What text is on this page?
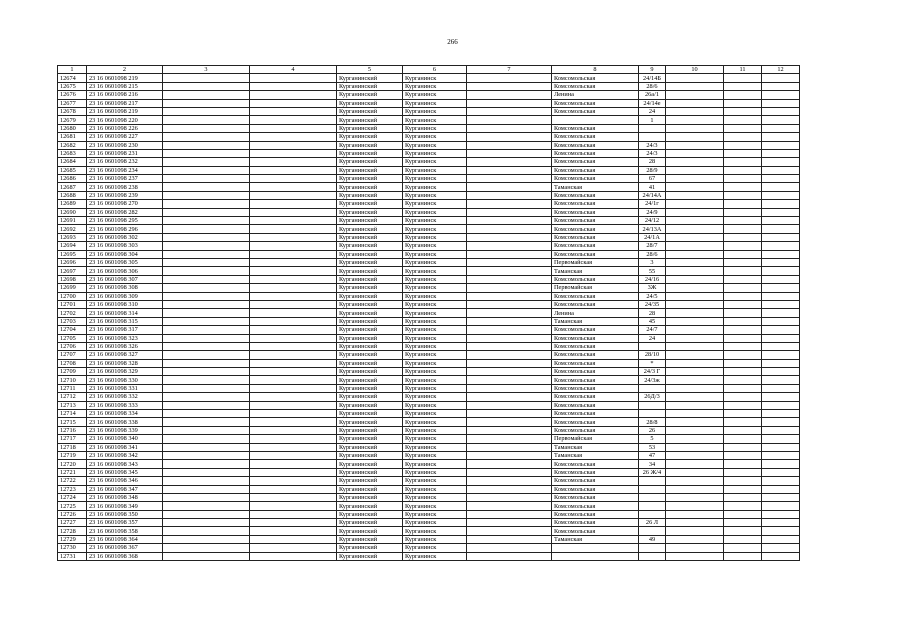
266
1	2	3	4	5	6	7	8	9	10	11	12
12674	23 16 0601098 219			Курганинский	Курганинск		Комсомольская	24/14Б			
12675	23 16 0601098 215			Курганинский	Курганинск		Комсомольская	28/6			
12676	23 16 0601098 216			Курганинский	Курганинск		Ленина	26а/1			
12677	23 16 0601098 217			Курганинский	Курганинск		Комсомольская	24/14е			
12678	23 16 0601098 219			Курганинский	Курганинск		Комсомольская	24			
12679	23 16 0601098 220			Курганинский	Курганинск			1			
12680	23 16 0601098 226			Курганинский	Курганинск		Комсомольская				
12681	23 16 0601098 227			Курганинский	Курганинск		Комсомольская				
12682	23 16 0601098 230			Курганинский	Курганинск		Комсомольская	24/3			
12683	23 16 0601098 231			Курганинский	Курганинск		Комсомольская	24/3			
12684	23 16 0601098 232			Курганинский	Курганинск		Комсомольская	28			
12685	23 16 0601098 234			Курганинский	Курганинск		Комсомольская	28/9			
12686	23 16 0601098 237			Курганинский	Курганинск		Комсомольская	67			
12687	23 16 0601098 238			Курганинский	Курганинск		Таманская	41			
12688	23 16 0601098 239			Курганинский	Курганинск		Комсомольская	24/14А			
12689	23 16 0601098 270			Курганинский	Курганинск		Комсомольская	24/1г			
12690	23 16 0601098 282			Курганинский	Курганинск		Комсомольская	24/9			
12691	23 16 0601098 295			Курганинский	Курганинск		Комсомольская	24/12			
12692	23 16 0601098 296			Курганинский	Курганинск		Комсомольская	24/13А			
12693	23 16 0601098 302			Курганинский	Курганинск		Комсомольская	24/1А			
12694	23 16 0601098 303			Курганинский	Курганинск		Комсомольская	28/7			
12695	23 16 0601098 304			Курганинский	Курганинск		Комсомольская	28/6			
12696	23 16 0601098 305			Курганинский	Курганинск		Первомайская	3			
12697	23 16 0601098 306			Курганинский	Курганинск		Таманская	55			
12698	23 16 0601098 307			Курганинский	Курганинск		Комсомольская	24/16			
12699	23 16 0601098 308			Курганинский	Курганинск		Первомайская	3Ж			
12700	23 16 0601098 309			Курганинский	Курганинск		Комсомольская	24/5			
12701	23 16 0601098 310			Курганинский	Курганинск		Комсомольская	24/35			
12702	23 16 0601098 314			Курганинский	Курганинск		Ленина	28			
12703	23 16 0601098 315			Курганинский	Курганинск		Таманская	45			
12704	23 16 0601098 317			Курганинский	Курганинск		Комсомольская	24/7			
12705	23 16 0601098 323			Курганинский	Курганинск		Комсомольская	24			
12706	23 16 0601098 326			Курганинский	Курганинск		Комсомольская				
12707	23 16 0601098 327			Курганинский	Курганинск		Комсомольская	28/10			
12708	23 16 0601098 328			Курганинский	Курганинск		Комсомольская	*			
12709	23 16 0601098 329			Курганинский	Курганинск		Комсомольская	24/3 Г			
12710	23 16 0601098 330			Курганинский	Курганинск		Комсомольская	24/3ж			
12711	23 16 0601098 331			Курганинский	Курганинск		Комсомольская				
12712	23 16 0601098 332			Курганинский	Курганинск		Комсомольская	26Д/3			
12713	23 16 0601098 333			Курганинский	Курганинск		Комсомольская				
12714	23 16 0601098 334			Курганинский	Курганинск		Комсомольская				
12715	23 16 0601098 338			Курганинский	Курганинск		Комсомольская	28/8			
12716	23 16 0601098 339			Курганинский	Курганинск		Комсомольская	26			
12717	23 16 0601098 340			Курганинский	Курганинск		Первомайская	5			
12718	23 16 0601098 341			Курганинский	Курганинск		Таманская	53			
12719	23 16 0601098 342			Курганинский	Курганинск		Таманская	47			
12720	23 16 0601098 343			Курганинский	Курганинск		Комсомольская	34			
12721	23 16 0601098 345			Курганинский	Курганинск		Комсомольская	26 Ж/4			
12722	23 16 0601098 346			Курганинский	Курганинск		Комсомольская				
12723	23 16 0601098 347			Курганинский	Курганинск		Комсомольская				
12724	23 16 0601098 348			Курганинский	Курганинск		Комсомольская				
12725	23 16 0601098 349			Курганинский	Курганинск		Комсомольская				
12726	23 16 0601098 350			Курганинский	Курганинск		Комсомольская				
12727	23 16 0601098 357			Курганинский	Курганинск		Комсомольская	26 Л			
12728	23 16 0601098 358			Курганинский	Курганинск		Комсомольская				
12729	23 16 0601098 364			Курганинский	Курганинск		Таманская	49			
12730	23 16 0601098 367			Курганинский	Курганинск						
12731	23 16 0601098 368			Курганинский	Курганинск						
